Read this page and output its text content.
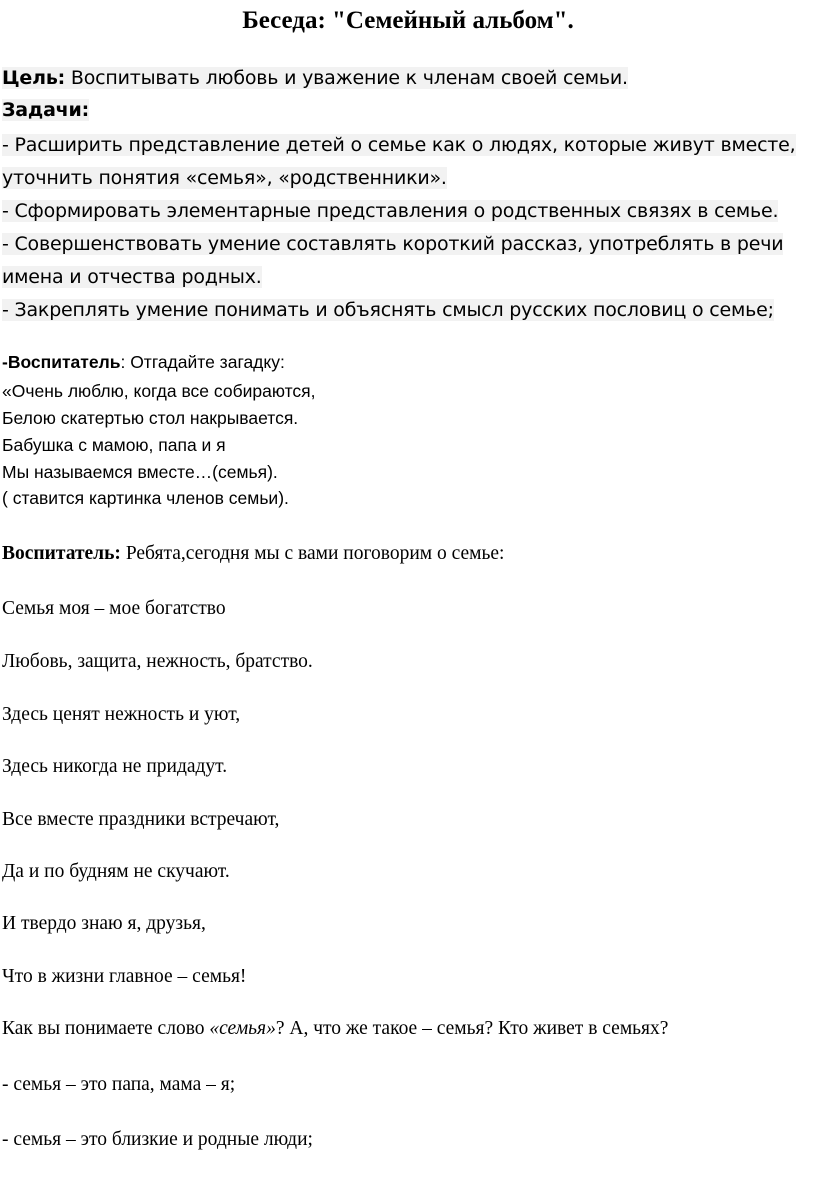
Беседа: "Семейный альбом".
Цель: Воспитывать любовь и уважение к членам своей семьи.
Задачи:
- Расширить представление детей о семье как о людях, которые живут вместе,
уточнить понятия «семья», «родственники».
- Сформировать элементарные представления о родственных связях в семье.
- Совершенствовать умение составлять короткий рассказ, употреблять в речи
имена и отчества родных.
- Закреплять умение понимать и объяснять смысл русских пословиц о семье;
-Воспитатель: Отгадайте загадку:
«Очень люблю, когда все собираются,
Белою скатертью стол накрывается.
Бабушка с мамою, папа и я
Мы называемся вместе…(семья).
( ставится картинка членов семьи).
Воспитатель: Ребята,сегодня мы с вами поговорим о семье:
Семья моя – мое богатство
Любовь, защита, нежность, братство.
Здесь ценят нежность и уют,
Здесь никогда не придадут.
Все вместе праздники встречают,
Да и по будням не скучают.
И твердо знаю я, друзья,
Что в жизни главное – семья!
Как вы понимаете слово «семья»? А, что же такое – семья? Кто живет в семьях?
- семья – это папа, мама – я;
- семья – это близкие и родные люди;
